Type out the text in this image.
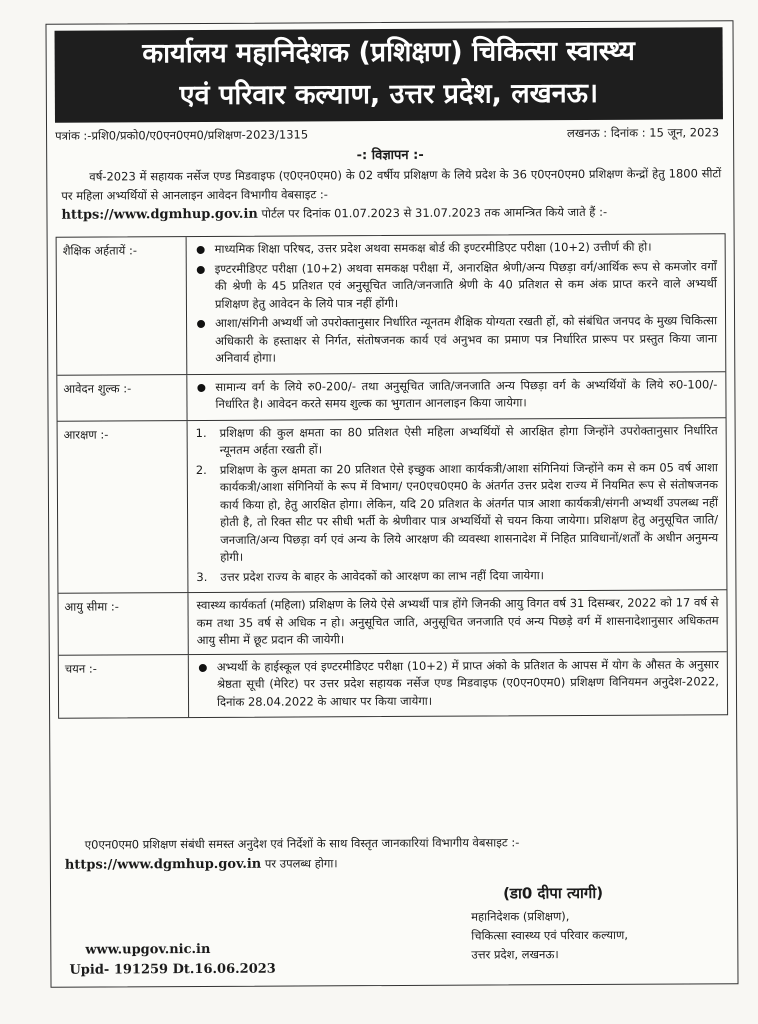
कार्यालय महानिदेशक (प्रशिक्षण) चिकित्सा स्वास्थ्य
एवं परिवार कल्याण, उत्तर प्रदेश, लखनऊ।
पत्रांक :-प्रशि0/प्रको0/ए0एन0एम0/प्रशिक्षण-2023/1315	लखनऊ : दिनांक : 15 जून, 2023
-: विज्ञापन :-
वर्ष-2023 में सहायक नर्सेज एण्ड मिडवाइफ (ए0एन0एम0) के 02 वर्षीय प्रशिक्षण के लिये प्रदेश के 36 ए0एन0एम0 प्रशिक्षण केन्द्रों हेतु 1800 सीटों पर महिला अभ्यर्थियों से आनलाइन आवेदन विभागीय वेबसाइट :-
https://www.dgmhup.gov.in पोर्टल पर दिनांक 01.07.2023 से 31.07.2023 तक आमन्त्रित किये जाते हैं :-
शैक्षिक अर्हतायें :-	माध्यमिक शिक्षा परिषद, उत्तर प्रदेश अथवा समकक्ष बोर्ड की इण्टरमीडिएट परीक्षा (10+2) उत्तीर्ण की हो।
इण्टरमीडिएट परीक्षा (10+2) अथवा समकक्ष परीक्षा में, अनारक्षित श्रेणी/अन्य पिछड़ा वर्ग/आर्थिक रूप से कमजोर वर्गों की श्रेणी के 45 प्रतिशत एवं अनुसूचित जाति/जनजाति श्रेणी के 40 प्रतिशत से कम अंक प्राप्त करने वाले अभ्यर्थी प्रशिक्षण हेतु आवेदन के लिये पात्र नहीं होंगी।
आशा/संगिनी अभ्यर्थी जो उपरोक्तानुसार निर्धारित न्यूनतम शैक्षिक योग्यता रखती हों, को संबंधित जनपद के मुख्य चिकित्सा अधिकारी के हस्ताक्षर से निर्गत, संतोषजनक कार्य एवं अनुभव का प्रमाण पत्र निर्धारित प्रारूप पर प्रस्तुत किया जाना अनिवार्य होगा।
आवेदन शुल्क :-	सामान्य वर्ग के लिये रु0-200/- तथा अनुसूचित जाति/जनजाति अन्य पिछड़ा वर्ग के अभ्यर्थियों के लिये रु0-100/- निर्धारित है। आवेदन करते समय शुल्क का भुगतान आनलाइन किया जायेगा।
आरक्षण :-	1.	प्रशिक्षण की कुल क्षमता का 80 प्रतिशत ऐसी महिला अभ्यर्थियों से आरक्षित होगा जिन्होंने उपरोक्तानुसार निर्धारित न्यूनतम अर्हता रखती हों।
2.	प्रशिक्षण के कुल क्षमता का 20 प्रतिशत ऐसे इच्छुक आशा कार्यकत्री/आशा संगिनियां जिन्होंने कम से कम 05 वर्ष आशा कार्यकत्री/आशा संगिनियों के रूप में विभाग/ एन0एच0एम0 के अंतर्गत उत्तर प्रदेश राज्य में नियमित रूप से संतोषजनक कार्य किया हो, हेतु आरक्षित होगा। लेकिन, यदि 20 प्रतिशत के अंतर्गत पात्र आशा कार्यकत्री/संगनी अभ्यर्थी उपलब्ध नहीं होती है, तो रिक्त सीट पर सीधी भर्ती के श्रेणीवार पात्र अभ्यर्थियों से चयन किया जायेगा। प्रशिक्षण हेतु अनुसूचित जाति/जनजाति/अन्य पिछड़ा वर्ग एवं अन्य के लिये आरक्षण की व्यवस्था शासनादेश में निहित प्राविधानों/शर्तों के अधीन अनुमन्य होगी।
3.	उत्तर प्रदेश राज्य के बाहर के आवेदकों को आरक्षण का लाभ नहीं दिया जायेगा।
आयु सीमा :-	स्वास्थ्य कार्यकर्ता (महिला) प्रशिक्षण के लिये ऐसे अभ्यर्थी पात्र होंगे जिनकी आयु विगत वर्ष 31 दिसम्बर, 2022 को 17 वर्ष से कम तथा 35 वर्ष से अधिक न हो। अनुसूचित जाति, अनुसूचित जनजाति एवं अन्य पिछड़े वर्ग में शासनादेशानुसार अधिकतम आयु सीमा में छूट प्रदान की जायेगी।
चयन :-	अभ्यर्थी के हाईस्कूल एवं इण्टरमीडिएट परीक्षा (10+2) में प्राप्त अंको के प्रतिशत के आपस में योग के औसत के अनुसार श्रेष्ठता सूची (मेरिट) पर उत्तर प्रदेश सहायक नर्सेज एण्ड मिडवाइफ (ए0एन0एम0) प्रशिक्षण विनियमन अनुदेश-2022, दिनांक 28.04.2022 के आधार पर किया जायेगा।
ए0एन0एम0 प्रशिक्षण संबंधी समस्त अनुदेश एवं निर्देशों के साथ विस्तृत जानकारियां विभागीय वेबसाइट :-
https://www.dgmhup.gov.in पर उपलब्ध होगा।
(डा0 दीपा त्यागी)
महानिदेशक (प्रशिक्षण),
चिकित्सा स्वास्थ्य एवं परिवार कल्याण,
उत्तर प्रदेश, लखनऊ।
www.upgov.nic.in
Upid- 191259 Dt.16.06.2023
